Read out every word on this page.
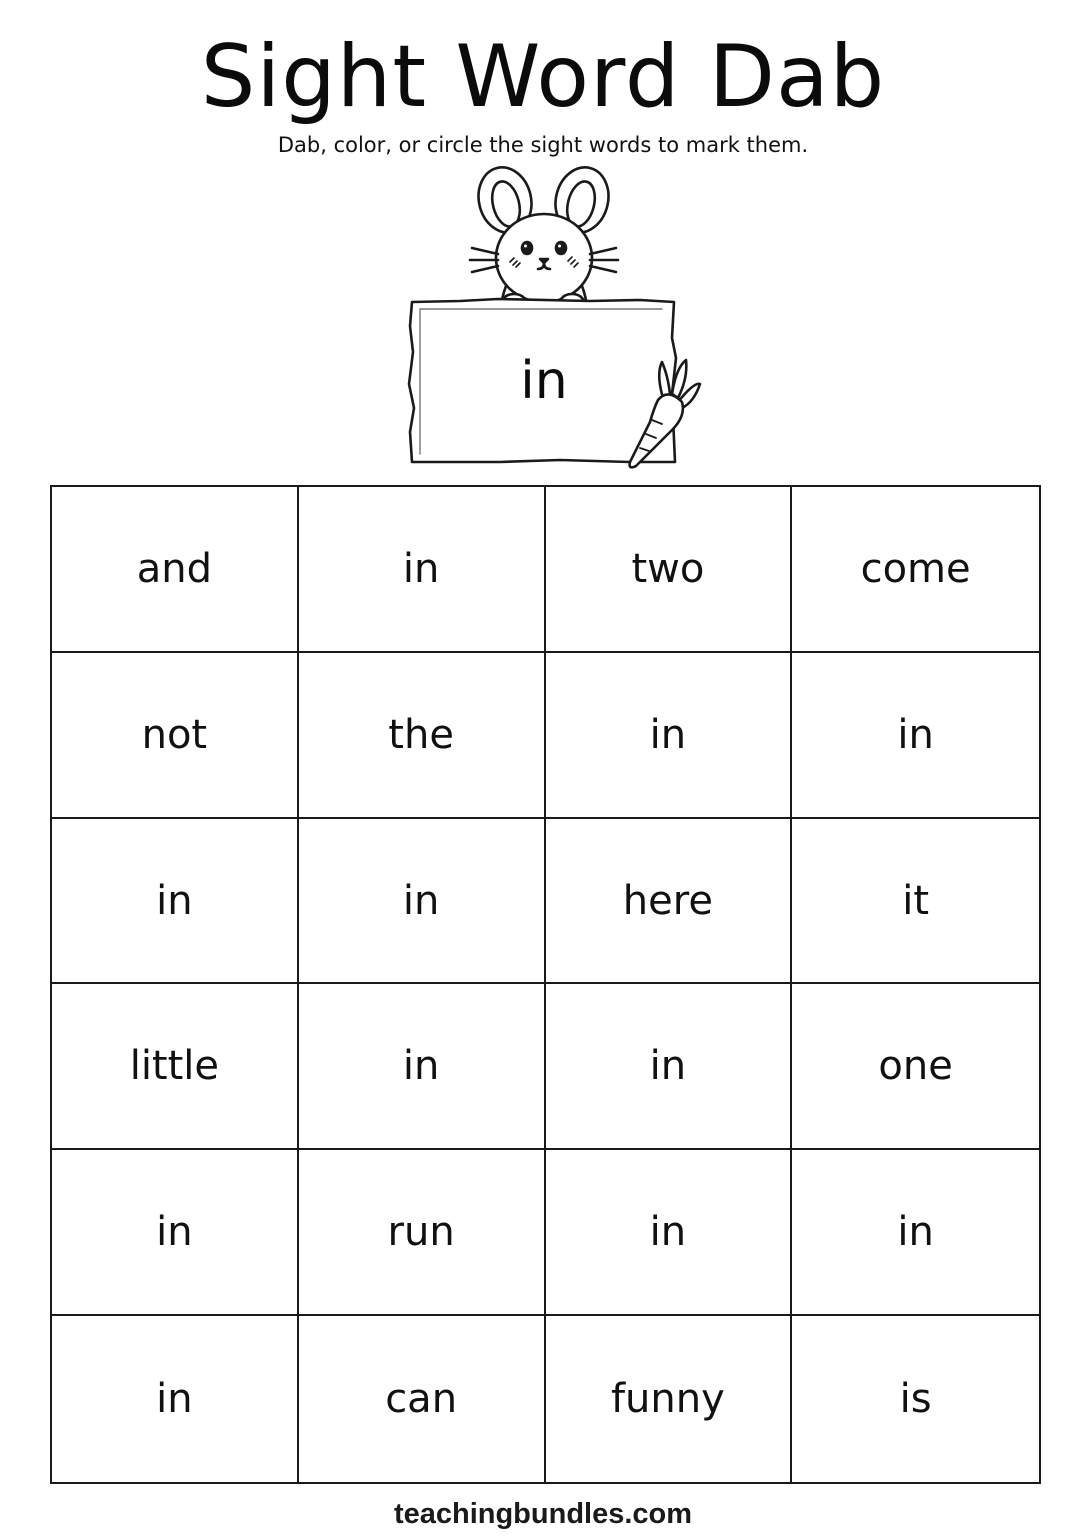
Sight Word Dab
Dab, color, or circle the sight words to mark them.
in
and	in	two	come
not	the	in	in
in	in	here	it
little	in	in	one
in	run	in	in
in	can	funny	is
teachingbundles.com
